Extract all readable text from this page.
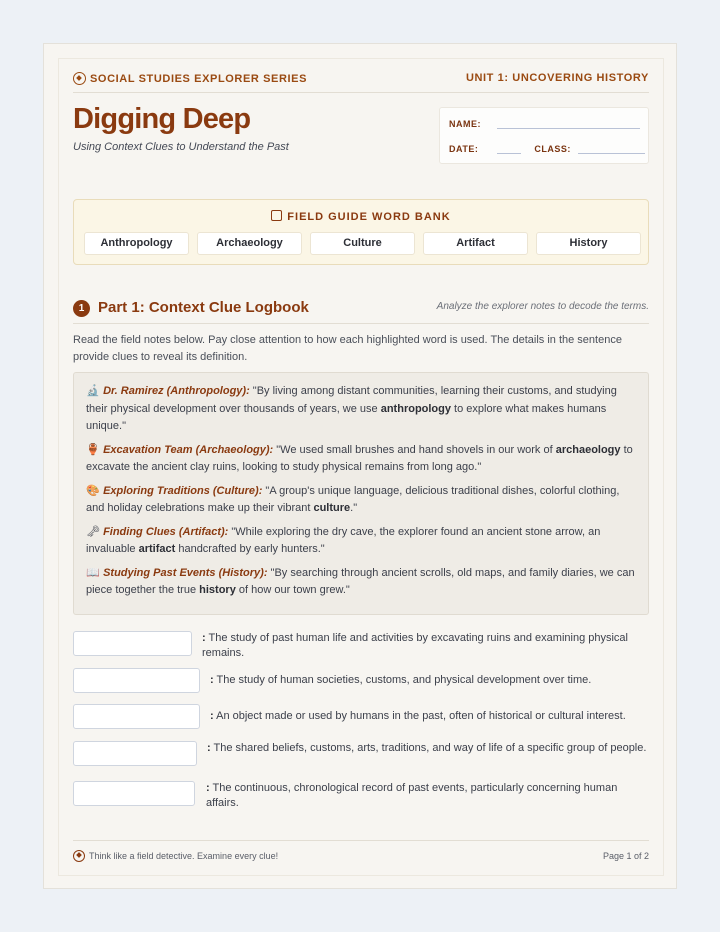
SOCIAL STUDIES EXPLORER SERIES	UNIT 1: UNCOVERING HISTORY
Digging Deep
Using Context Clues to Understand the Past
NAME:
DATE:	CLASS:
FIELD GUIDE WORD BANK
Anthropology	Archaeology	Culture	Artifact	History
1 Part 1: Context Clue Logbook	Analyze the explorer notes to decode the terms.
Read the field notes below. Pay close attention to how each highlighted word is used. The details in the sentence provide clues to reveal its definition.

🔬 Dr. Ramirez (Anthropology): "By living among distant communities, learning their customs, and studying their physical development over thousands of years, we use anthropology to explore what makes humans unique."

🏺 Excavation Team (Archaeology): "We used small brushes and hand shovels in our work of archaeology to excavate the ancient clay ruins, looking to study physical remains from long ago."

🎨 Exploring Traditions (Culture): "A group's unique language, delicious traditional dishes, colorful clothing, and holiday celebrations make up their vibrant culture."

🗝 Finding Clues (Artifact): "While exploring the dry cave, the explorer found an ancient stone arrow, an invaluable artifact handcrafted by early hunters."

📖 Studying Past Events (History): "By searching through ancient scrolls, old maps, and family diaries, we can piece together the true history of how our town grew."

: The study of past human life and activities by excavating ruins and examining physical remains.
: The study of human societies, customs, and physical development over time.
: An object made or used by humans in the past, often of historical or cultural interest.
: The shared beliefs, customs, arts, traditions, and way of life of a specific group of people.
: The continuous, chronological record of past events, particularly concerning human affairs.
Think like a field detective. Examine every clue!	Page 1 of 2
